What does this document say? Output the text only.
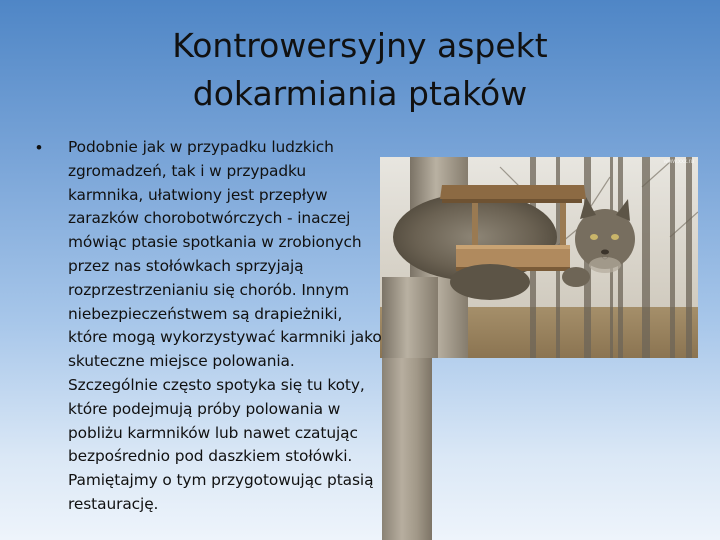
Kontrowersyjny aspekt
dokarmiania ptaków
www.xxx.ru
• Podobnie jak w przypadku ludzkich
zgromadzeń, tak i w przypadku
karmnika, ułatwiony jest przepływ
zarazków chorobotwórczych - inaczej
mówiąc ptasie spotkania w zrobionych
przez nas stołówkach sprzyjają
rozprzestrzenianiu się chorób. Innym
niebezpieczeństwem są drapieżniki,
które mogą wykorzystywać karmniki jako
skuteczne miejsce polowania.
Szczególnie często spotyka się tu koty,
które podejmują próby polowania w
pobliżu karmników lub nawet czatując
bezpośrednio pod daszkiem stołówki.
Pamiętajmy o tym przygotowując ptasią
restaurację.
